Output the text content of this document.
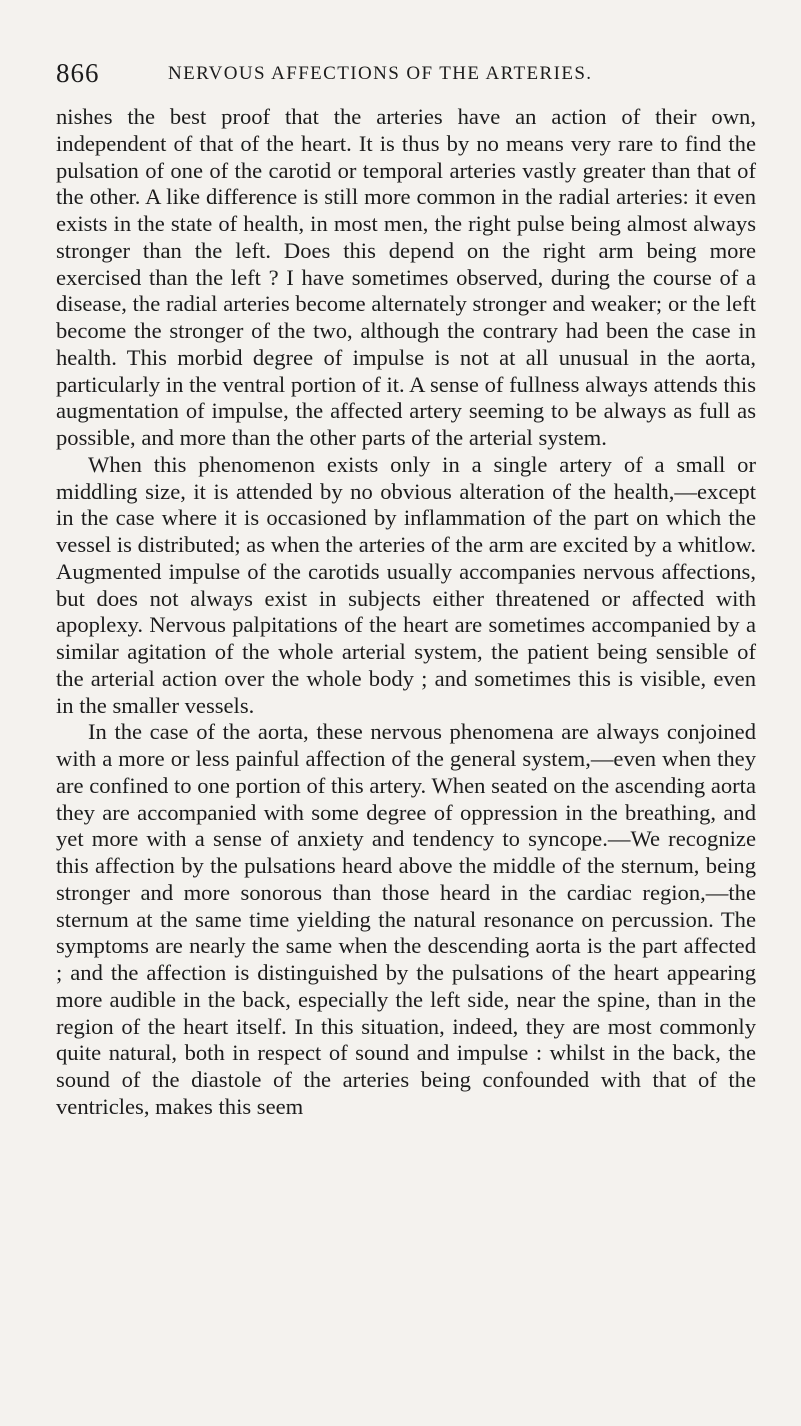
866	NERVOUS AFFECTIONS OF THE ARTERIES.

nishes the best proof that the arteries have an action of their own, independent of that of the heart. It is thus by no means very rare to find the pulsation of one of the carotid or temporal arteries vastly greater than that of the other. A like difference is still more common in the radial arteries: it even exists in the state of health, in most men, the right pulse being almost always stronger than the left. Does this depend on the right arm being more exercised than the left ? I have sometimes observed, during the course of a disease, the radial arteries become alternately stronger and weaker; or the left become the stronger of the two, although the contrary had been the case in health. This morbid degree of impulse is not at all unusual in the aorta, particularly in the ventral portion of it. A sense of fullness always attends this augmentation of impulse, the affected artery seeming to be always as full as possible, and more than the other parts of the arterial system.

When this phenomenon exists only in a single artery of a small or middling size, it is attended by no obvious alteration of the health,—except in the case where it is occasioned by inflammation of the part on which the vessel is distributed; as when the arteries of the arm are excited by a whitlow. Augmented impulse of the carotids usually accompanies nervous affections, but does not always exist in subjects either threatened or affected with apoplexy. Nervous palpitations of the heart are sometimes accompanied by a similar agitation of the whole arterial system, the patient being sensible of the arterial action over the whole body ; and sometimes this is visible, even in the smaller vessels.

In the case of the aorta, these nervous phenomena are always conjoined with a more or less painful affection of the general system,—even when they are confined to one portion of this artery. When seated on the ascending aorta they are accompanied with some degree of oppression in the breathing, and yet more with a sense of anxiety and tendency to syncope.—We recognize this affection by the pulsations heard above the middle of the sternum, being stronger and more sonorous than those heard in the cardiac region,—the sternum at the same time yielding the natural resonance on percussion. The symptoms are nearly the same when the descending aorta is the part affected ; and the affection is distinguished by the pulsations of the heart appearing more audible in the back, especially the left side, near the spine, than in the region of the heart itself. In this situation, indeed, they are most commonly quite natural, both in respect of sound and impulse : whilst in the back, the sound of the diastole of the arteries being confounded with that of the ventricles, makes this seem
